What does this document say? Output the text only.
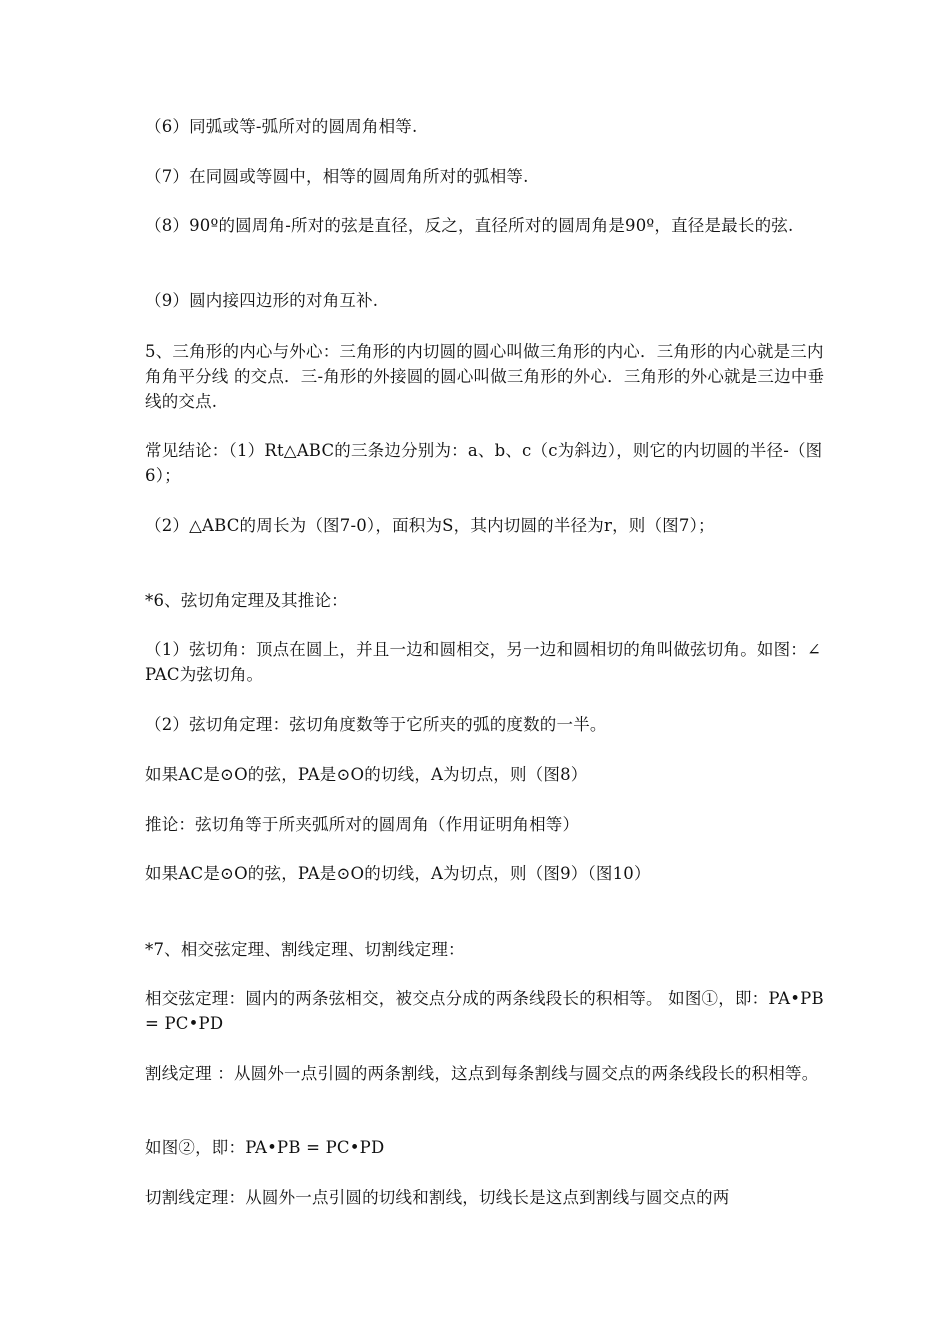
（6）同弧或等-弧所对的圆周角相等.

（7）在同圆或等圆中，相等的圆周角所对的弧相等.

（8）90º的圆周角-所对的弦是直径，反之，直径所对的圆周角是90º，直径是最长的弦.

（9）圆内接四边形的对角互补.

5、三角形的内心与外心：三角形的内切圆的圆心叫做三角形的内心．三角形的内心就是三内角角平分线 的交点．三-角形的外接圆的圆心叫做三角形的外心．三角形的外心就是三边中垂线的交点.

常见结论：（1）Rt△ABC的三条边分别为：a、b、c（c为斜边），则它的内切圆的半径-（图6）；

（2）△ABC的周长为（图7-0），面积为S，其内切圆的半径为r，则（图7）；

*6、弦切角定理及其推论：

（1）弦切角：顶点在圆上，并且一边和圆相交，另一边和圆相切的角叫做弦切角。如图：∠PAC为弦切角。

（2）弦切角定理：弦切角度数等于它所夹的弧的度数的一半。

如果AC是⊙O的弦，PA是⊙O的切线，A为切点，则（图8）

推论：弦切角等于所夹弧所对的圆周角（作用证明角相等）

如果AC是⊙O的弦，PA是⊙O的切线，A为切点，则（图9）（图10）

*7、相交弦定理、割线定理、切割线定理：

相交弦定理：圆内的两条弦相交，被交点分成的两条线段长的积相等。 如图①，即：PA•PB = PC•PD

割线定理 ：从圆外一点引圆的两条割线，这点到每条割线与圆交点的两条线段长的积相等。

如图②，即：PA•PB = PC•PD

切割线定理：从圆外一点引圆的切线和割线，切线长是这点到割线与圆交点的两
